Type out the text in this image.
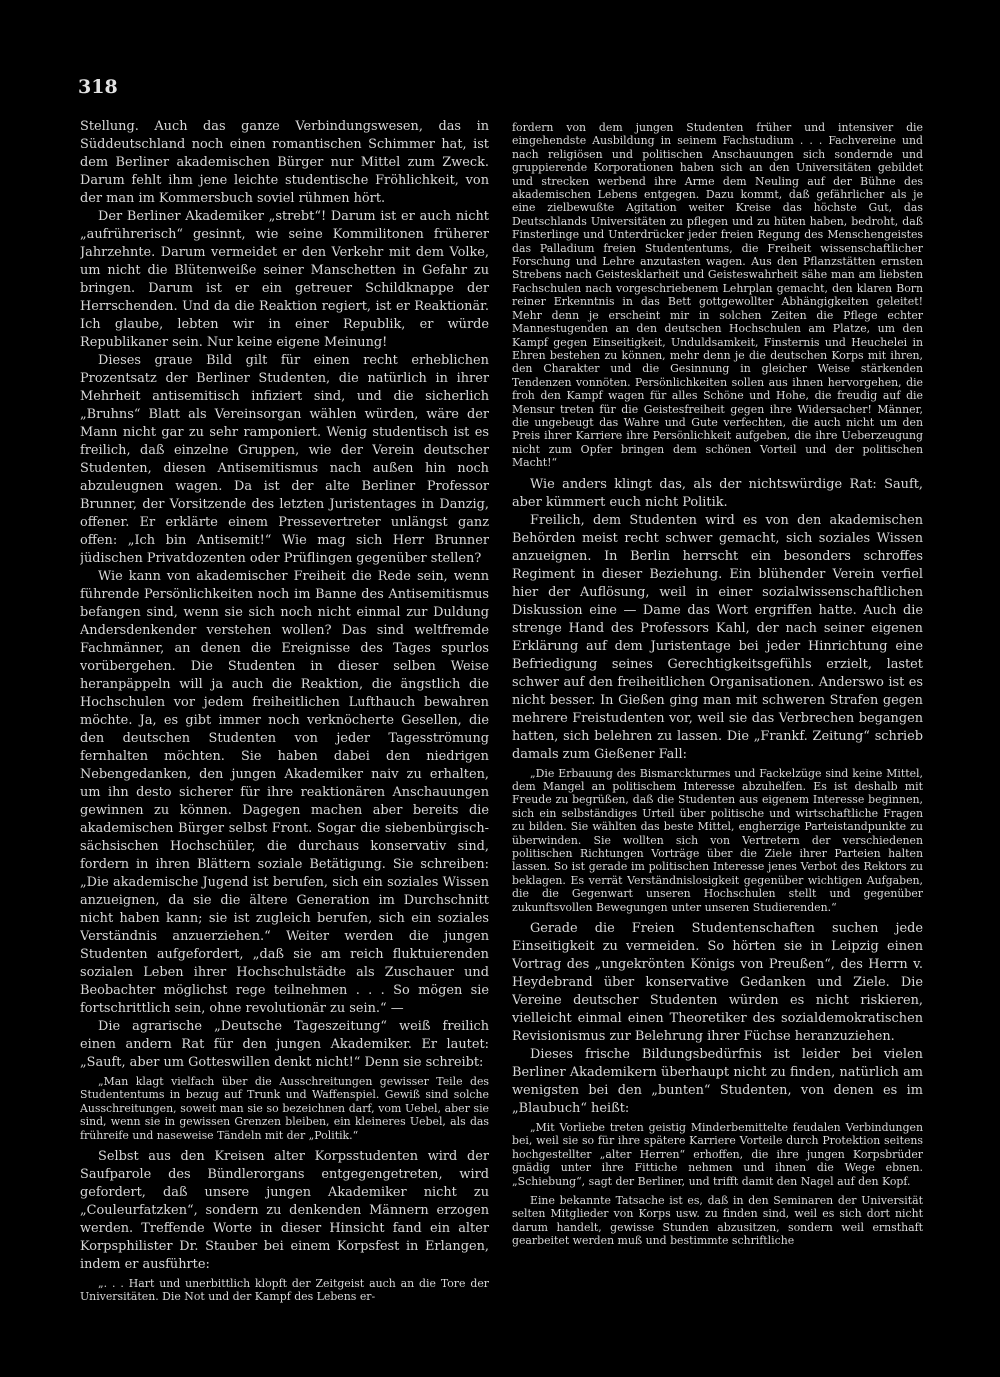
318

Stellung. Auch das ganze Verbindungswesen, das in Süddeutschland noch einen romantischen Schimmer hat, ist dem Berliner akademischen Bürger nur Mittel zum Zweck. Darum fehlt ihm jene leichte studentische Fröhlichkeit, von der man im Kommersbuch soviel rühmen hört.

Der Berliner Akademiker „strebt“! Darum ist er auch nicht „aufrührerisch“ gesinnt, wie seine Kommilitonen früherer Jahrzehnte. Darum vermeidet er den Verkehr mit dem Volke, um nicht die Blütenweiße seiner Manschetten in Gefahr zu bringen. Darum ist er ein getreuer Schildknappe der Herrschenden. Und da die Reaktion regiert, ist er Reaktionär. Ich glaube, lebten wir in einer Republik, er würde Republikaner sein. Nur keine eigene Meinung!

Dieses graue Bild gilt für einen recht erheblichen Prozentsatz der Berliner Studenten, die natürlich in ihrer Mehrheit antisemitisch infiziert sind, und die sicherlich „Bruhns“ Blatt als Vereinsorgan wählen würden, wäre der Mann nicht gar zu sehr ramponiert. Wenig studentisch ist es freilich, daß einzelne Gruppen, wie der Verein deutscher Studenten, diesen Antisemitismus nach außen hin noch abzuleugnen wagen. Da ist der alte Berliner Professor Brunner, der Vorsitzende des letzten Juristentages in Danzig, offener. Er erklärte einem Pressevertreter unlängst ganz offen: „Ich bin Antisemit!“ Wie mag sich Herr Brunner jüdischen Privatdozenten oder Prüflingen gegenüber stellen?

Wie kann von akademischer Freiheit die Rede sein, wenn führende Persönlichkeiten noch im Banne des Antisemitismus befangen sind, wenn sie sich noch nicht einmal zur Duldung Andersdenkender verstehen wollen? Das sind weltfremde Fachmänner, an denen die Ereignisse des Tages spurlos vorübergehen. Die Studenten in dieser selben Weise heranpäppeln will ja auch die Reaktion, die ängstlich die Hochschulen vor jedem freiheitlichen Lufthauch bewahren möchte. Ja, es gibt immer noch verknöcherte Gesellen, die den deutschen Studenten von jeder Tagesströmung fernhalten möchten. Sie haben dabei den niedrigen Nebengedanken, den jungen Akademiker naiv zu erhalten, um ihn desto sicherer für ihre reaktionären Anschauungen gewinnen zu können. Dagegen machen aber bereits die akademischen Bürger selbst Front. Sogar die siebenbürgisch-sächsischen Hochschüler, die durchaus konservativ sind, fordern in ihren Blättern soziale Betätigung. Sie schreiben: „Die akademische Jugend ist berufen, sich ein soziales Wissen anzueignen, da sie die ältere Generation im Durchschnitt nicht haben kann; sie ist zugleich berufen, sich ein soziales Verständnis anzuerziehen.“ Weiter werden die jungen Studenten aufgefordert, „daß sie am reich fluktuierenden sozialen Leben ihrer Hochschulstädte als Zuschauer und Beobachter möglichst rege teilnehmen . . . So mögen sie fortschrittlich sein, ohne revolutionär zu sein.“ —

Die agrarische „Deutsche Tageszeitung“ weiß freilich einen andern Rat für den jungen Akademiker. Er lautet: „Sauft, aber um Gotteswillen denkt nicht!“ Denn sie schreibt:

„Man klagt vielfach über die Ausschreitungen gewisser Teile des Studententums in bezug auf Trunk und Waffenspiel. Gewiß sind solche Ausschreitungen, soweit man sie so bezeichnen darf, vom Uebel, aber sie sind, wenn sie in gewissen Grenzen bleiben, ein kleineres Uebel, als das frühreife und naseweise Tändeln mit der „Politik.“

Selbst aus den Kreisen alter Korpsstudenten wird der Saufparole des Bündlerorgans entgegengetreten, wird gefordert, daß unsere jungen Akademiker nicht zu „Couleurfatzken“, sondern zu denkenden Männern erzogen werden. Treffende Worte in dieser Hinsicht fand ein alter Korpsphilister Dr. Stauber bei einem Korpsfest in Erlangen, indem er ausführte:

„. . . Hart und unerbittlich klopft der Zeitgeist auch an die Tore der Universitäten. Die Not und der Kampf des Lebens er-

fordern von dem jungen Studenten früher und intensiver die eingehendste Ausbildung in seinem Fachstudium . . . Fachvereine und nach religiösen und politischen Anschauungen sich sondernde und gruppierende Korporationen haben sich an den Universitäten gebildet und strecken werbend ihre Arme dem Neuling auf der Bühne des akademischen Lebens entgegen. Dazu kommt, daß gefährlicher als je eine zielbewußte Agitation weiter Kreise das höchste Gut, das Deutschlands Universitäten zu pflegen und zu hüten haben, bedroht, daß Finsterlinge und Unterdrücker jeder freien Regung des Menschengeistes das Palladium freien Studententums, die Freiheit wissenschaftlicher Forschung und Lehre anzutasten wagen. Aus den Pflanzstätten ernsten Strebens nach Geistesklarheit und Geisteswahrheit sähe man am liebsten Fachschulen nach vorgeschriebenem Lehrplan gemacht, den klaren Born reiner Erkenntnis in das Bett gottgewollter Abhängigkeiten geleitet! Mehr denn je erscheint mir in solchen Zeiten die Pflege echter Mannestugenden an den deutschen Hochschulen am Platze, um den Kampf gegen Einseitigkeit, Unduldsamkeit, Finsternis und Heuchelei in Ehren bestehen zu können, mehr denn je die deutschen Korps mit ihren, den Charakter und die Gesinnung in gleicher Weise stärkenden Tendenzen vonnöten. Persönlichkeiten sollen aus ihnen hervorgehen, die froh den Kampf wagen für alles Schöne und Hohe, die freudig auf die Mensur treten für die Geistesfreiheit gegen ihre Widersacher! Männer, die ungebeugt das Wahre und Gute verfechten, die auch nicht um den Preis ihrer Karriere ihre Persönlichkeit aufgeben, die ihre Ueberzeugung nicht zum Opfer bringen dem schönen Vorteil und der politischen Macht!“

Wie anders klingt das, als der nichtswürdige Rat: Sauft, aber kümmert euch nicht Politik.

Freilich, dem Studenten wird es von den akademischen Behörden meist recht schwer gemacht, sich soziales Wissen anzueignen. In Berlin herrscht ein besonders schroffes Regiment in dieser Beziehung. Ein blühender Verein verfiel hier der Auflösung, weil in einer sozialwissenschaftlichen Diskussion eine — Dame das Wort ergriffen hatte. Auch die strenge Hand des Professors Kahl, der nach seiner eigenen Erklärung auf dem Juristentage bei jeder Hinrichtung eine Befriedigung seines Gerechtigkeitsgefühls erzielt, lastet schwer auf den freiheitlichen Organisationen. Anderswo ist es nicht besser. In Gießen ging man mit schweren Strafen gegen mehrere Freistudenten vor, weil sie das Verbrechen begangen hatten, sich belehren zu lassen. Die „Frankf. Zeitung“ schrieb damals zum Gießener Fall:

„Die Erbauung des Bismarckturmes und Fackelzüge sind keine Mittel, dem Mangel an politischem Interesse abzuhelfen. Es ist deshalb mit Freude zu begrüßen, daß die Studenten aus eigenem Interesse beginnen, sich ein selbständiges Urteil über politische und wirtschaftliche Fragen zu bilden. Sie wählten das beste Mittel, engherzige Parteistandpunkte zu überwinden. Sie wollten sich von Vertretern der verschiedenen politischen Richtungen Vorträge über die Ziele ihrer Parteien halten lassen. So ist gerade im politischen Interesse jenes Verbot des Rektors zu beklagen. Es verrät Verständnislosigkeit gegenüber wichtigen Aufgaben, die die Gegenwart unseren Hochschulen stellt und gegenüber zukunftsvollen Bewegungen unter unseren Studierenden.“

Gerade die Freien Studentenschaften suchen jede Einseitigkeit zu vermeiden. So hörten sie in Leipzig einen Vortrag des „ungekrönten Königs von Preußen“, des Herrn v. Heydebrand über konservative Gedanken und Ziele. Die Vereine deutscher Studenten würden es nicht riskieren, vielleicht einmal einen Theoretiker des sozialdemokratischen Revisionismus zur Belehrung ihrer Füchse heranzuziehen.

Dieses frische Bildungsbedürfnis ist leider bei vielen Berliner Akademikern überhaupt nicht zu finden, natürlich am wenigsten bei den „bunten“ Studenten, von denen es im „Blaubuch“ heißt:

„Mit Vorliebe treten geistig Minderbemittelte feudalen Verbindungen bei, weil sie so für ihre spätere Karriere Vorteile durch Protektion seitens hochgestellter „alter Herren“ erhoffen, die ihre jungen Korpsbrüder gnädig unter ihre Fittiche nehmen und ihnen die Wege ebnen. „Schiebung“, sagt der Berliner, und trifft damit den Nagel auf den Kopf.

Eine bekannte Tatsache ist es, daß in den Seminaren der Universität selten Mitglieder von Korps usw. zu finden sind, weil es sich dort nicht darum handelt, gewisse Stunden abzusitzen, sondern weil ernsthaft gearbeitet werden muß und bestimmte schriftliche
